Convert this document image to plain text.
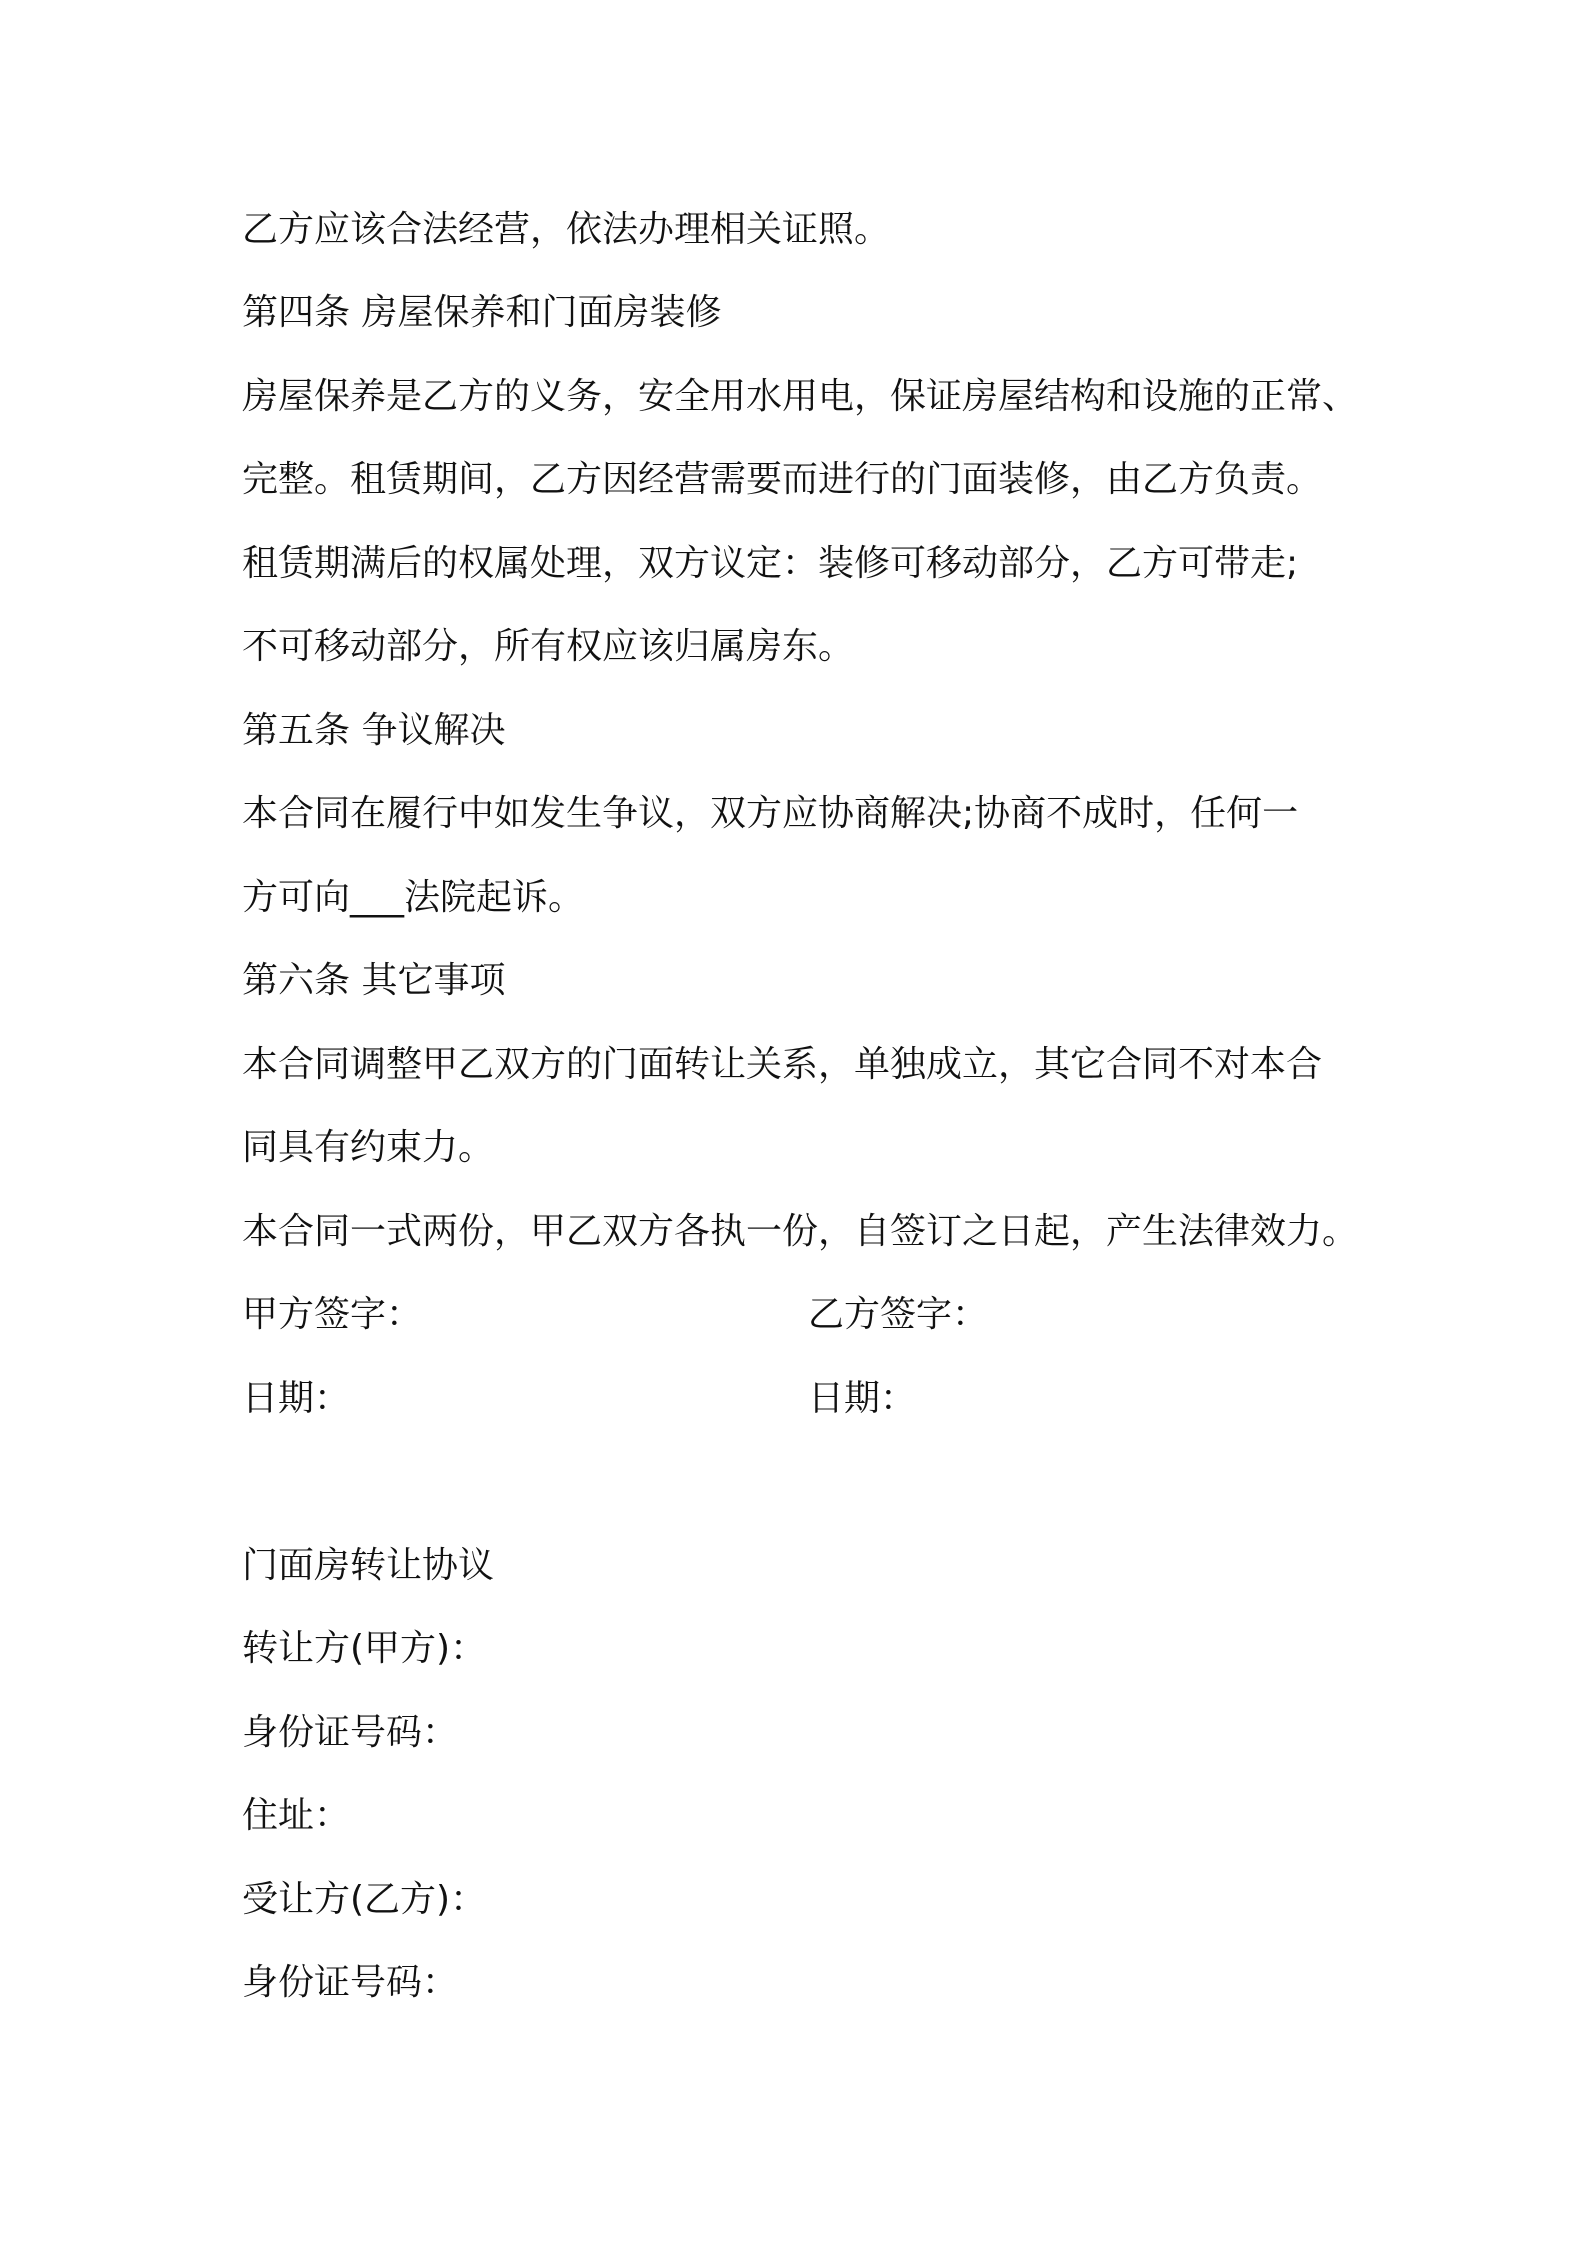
乙方应该合法经营，依法办理相关证照。
第四条 房屋保养和门面房装修
房屋保养是乙方的义务，安全用水用电，保证房屋结构和设施的正常、
完整。租赁期间，乙方因经营需要而进行的门面装修，由乙方负责。
租赁期满后的权属处理，双方议定：装修可移动部分，乙方可带走;
不可移动部分，所有权应该归属房东。
第五条 争议解决
本合同在履行中如发生争议，双方应协商解决;协商不成时，任何一
方可向___法院起诉。
第六条 其它事项
本合同调整甲乙双方的门面转让关系，单独成立，其它合同不对本合
同具有约束力。
本合同一式两份，甲乙双方各执一份，自签订之日起，产生法律效力。
甲方签字：	乙方签字：
日期：	日期：
门面房转让协议
转让方(甲方)：
身份证号码：
住址：
受让方(乙方)：
身份证号码：
